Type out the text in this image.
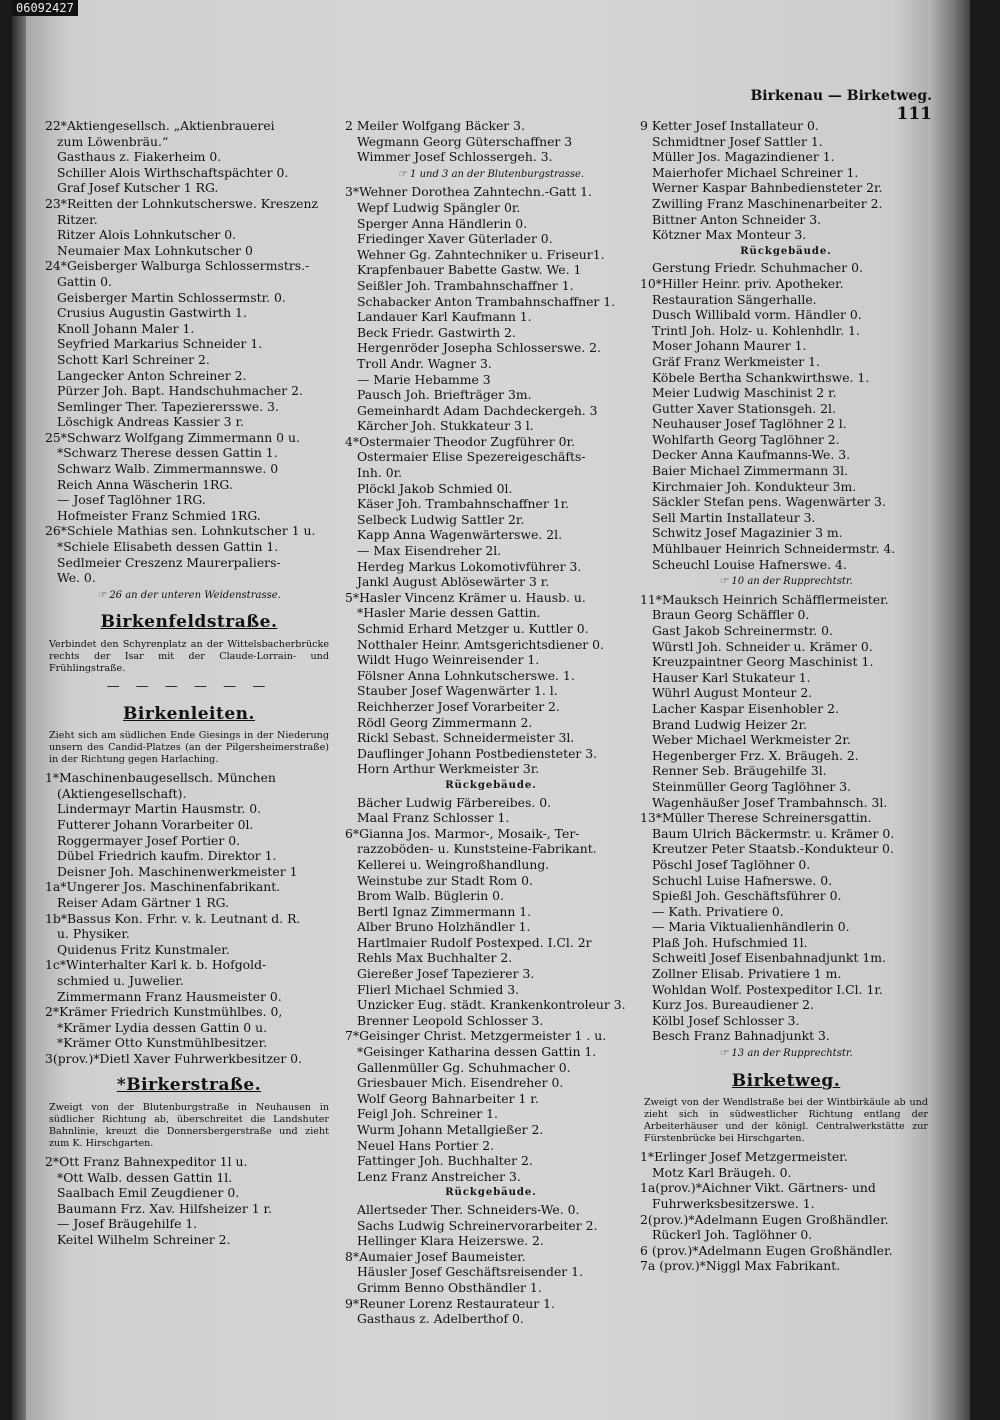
06092427
Birkenau — Birketweg. 111
22*Aktiengesellsch. „Aktienbrauerei
zum Löwenbräu.“
Gasthaus z. Fiakerheim 0.
Schiller Alois Wirthschaftspächter 0.
Graf Josef Kutscher 1 RG.
23*Reitten der Lohnkutscherswe. Kreszenz
Ritzer.
Ritzer Alois Lohnkutscher 0.
Neumaier Max Lohnkutscher 0
24*Geisberger Walburga Schlossermstrs.-
Gattin 0.
Geisberger Martin Schlossermstr. 0.
Crusius Augustin Gastwirth 1.
Knoll Johann Maler 1.
Seyfried Markarius Schneider 1.
Schott Karl Schreiner 2.
Langecker Anton Schreiner 2.
Pürzer Joh. Bapt. Handschuhmacher 2.
Semlinger Ther. Tapezierersswe. 3.
Löschigk Andreas Kassier 3 r.
25*Schwarz Wolfgang Zimmermann 0 u.
*Schwarz Therese dessen Gattin 1.
Schwarz Walb. Zimmermannswe. 0
Reich Anna Wäscherin 1RG.
— Josef Taglöhner 1RG.
Hofmeister Franz Schmied 1RG.
26*Schiele Mathias sen. Lohnkutscher 1 u.
*Schiele Elisabeth dessen Gattin 1.
Sedlmeier Creszenz Maurerpaliers-
We. 0.
☞ 26 an der unteren Weidenstrasse.
Birkenfeldstraße.
Verbindet den Schyrenplatz an der Wittelsbacherbrücke rechts der Isar mit der Claude-Lorrain- und Frühlingstraße.
— — — — — —
Birkenleiten.
Zieht sich am südlichen Ende Giesings in der Niederung unsern des Candid-Platzes (an der Pilgersheimerstraße) in der Richtung gegen Harlaching.
1*Maschinenbaugesellsch. München
(Aktiengesellschaft).
Lindermayr Martin Hausmstr. 0.
Futterer Johann Vorarbeiter 0l.
Roggermayer Josef Portier 0.
Dübel Friedrich kaufm. Direktor 1.
Deisner Joh. Maschinenwerkmeister 1
1a*Ungerer Jos. Maschinenfabrikant.
Reiser Adam Gärtner 1 RG.
1b*Bassus Kon. Frhr. v. k. Leutnant d. R.
u. Physiker.
Quidenus Fritz Kunstmaler.
1c*Winterhalter Karl k. b. Hofgold-
schmied u. Juwelier.
Zimmermann Franz Hausmeister 0.
2*Krämer Friedrich Kunstmühlbes. 0,
*Krämer Lydia dessen Gattin 0 u.
*Krämer Otto Kunstmühlbesitzer.
3(prov.)*Dietl Xaver Fuhrwerkbesitzer 0.
*Birkerstraße.
Zweigt von der Blutenburgstraße in Neuhausen in südlicher Richtung ab, überschreitet die Landshuter Bahnlinie, kreuzt die Donnersbergerstraße und zieht zum K. Hirschgarten.
2*Ott Franz Bahnexpeditor 1l u.
*Ott Walb. dessen Gattin 1l.
Saalbach Emil Zeugdiener 0.
Baumann Frz. Xav. Hilfsheizer 1 r.
— Josef Bräugehilfe 1.
Keitel Wilhelm Schreiner 2.
2 Meiler Wolfgang Bäcker 3.
Wegmann Georg Güterschaffner 3
Wimmer Josef Schlossergeh. 3.
☞ 1 und 3 an der Blutenburgstrasse.
3*Wehner Dorothea Zahntechn.-Gatt 1.
Wepf Ludwig Spängler 0r.
Sperger Anna Händlerin 0.
Friedinger Xaver Güterlader 0.
Wehner Gg. Zahntechniker u. Friseur1.
Krapfenbauer Babette Gastw. We. 1
Seißler Joh. Trambahnschaffner 1.
Schabacker Anton Trambahnschaffner 1.
Landauer Karl Kaufmann 1.
Beck Friedr. Gastwirth 2.
Hergenröder Josepha Schlosserswe. 2.
Troll Andr. Wagner 3.
— Marie Hebamme 3
Pausch Joh. Briefträger 3m.
Gemeinhardt Adam Dachdeckergeh. 3
Kärcher Joh. Stukkateur 3 l.
4*Ostermaier Theodor Zugführer 0r.
Ostermaier Elise Spezereigeschäfts-
Inh. 0r.
Plöckl Jakob Schmied 0l.
Käser Joh. Trambahnschaffner 1r.
Selbeck Ludwig Sattler 2r.
Kapp Anna Wagenwärterswe. 2l.
— Max Eisendreher 2l.
Herdeg Markus Lokomotivführer 3.
Jankl August Ablösewärter 3 r.
5*Hasler Vincenz Krämer u. Hausb. u.
*Hasler Marie dessen Gattin.
Schmid Erhard Metzger u. Kuttler 0.
Notthaler Heinr. Amtsgerichtsdiener 0.
Wildt Hugo Weinreisender 1.
Fölsner Anna Lohnkutscherswe. 1.
Stauber Josef Wagenwärter 1. l.
Reichherzer Josef Vorarbeiter 2.
Rödl Georg Zimmermann 2.
Rickl Sebast. Schneidermeister 3l.
Dauflinger Johann Postbediensteter 3.
Horn Arthur Werkmeister 3r.
Rückgebäude.
Bächer Ludwig Färbereibes. 0.
Maal Franz Schlosser 1.
6*Gianna Jos. Marmor-, Mosaik-, Ter-
razzoböden- u. Kunststeine-Fabrikant.
Kellerei u. Weingroßhandlung.
Weinstube zur Stadt Rom 0.
Brom Walb. Büglerin 0.
Bertl Ignaz Zimmermann 1.
Alber Bruno Holzhändler 1.
Hartlmaier Rudolf Postexped. I.Cl. 2r
Rehls Max Buchhalter 2.
Giereßer Josef Tapezierer 3.
Flierl Michael Schmied 3.
Unzicker Eug. städt. Krankenkontroleur 3.
Brenner Leopold Schlosser 3.
7*Geisinger Christ. Metzgermeister 1 . u.
*Geisinger Katharina dessen Gattin 1.
Gallenmüller Gg. Schuhmacher 0.
Griesbauer Mich. Eisendreher 0.
Wolf Georg Bahnarbeiter 1 r.
Feigl Joh. Schreiner 1.
Wurm Johann Metallgießer 2.
Neuel Hans Portier 2.
Fattinger Joh. Buchhalter 2.
Lenz Franz Anstreicher 3.
Rückgebäude.
Allertseder Ther. Schneiders-We. 0.
Sachs Ludwig Schreinervorarbeiter 2.
Hellinger Klara Heizerswe. 2.
8*Aumaier Josef Baumeister.
Häusler Josef Geschäftsreisender 1.
Grimm Benno Obsthändler 1.
9*Reuner Lorenz Restaurateur 1.
Gasthaus z. Adelberthof 0.
9 Ketter Josef Installateur 0.
Schmidtner Josef Sattler 1.
Müller Jos. Magazindiener 1.
Maierhofer Michael Schreiner 1.
Werner Kaspar Bahnbediensteter 2r.
Zwilling Franz Maschinenarbeiter 2.
Bittner Anton Schneider 3.
Kötzner Max Monteur 3.
Rückgebäude.
Gerstung Friedr. Schuhmacher 0.
10*Hiller Heinr. priv. Apotheker.
Restauration Sängerhalle.
Dusch Willibald vorm. Händler 0.
Trintl Joh. Holz- u. Kohlenhdlr. 1.
Moser Johann Maurer 1.
Gräf Franz Werkmeister 1.
Köbele Bertha Schankwirthswe. 1.
Meier Ludwig Maschinist 2 r.
Gutter Xaver Stationsgeh. 2l.
Neuhauser Josef Taglöhner 2 l.
Wohlfarth Georg Taglöhner 2.
Decker Anna Kaufmanns-We. 3.
Baier Michael Zimmermann 3l.
Kirchmaier Joh. Kondukteur 3m.
Säckler Stefan pens. Wagenwärter 3.
Sell Martin Installateur 3.
Schwitz Josef Magazinier 3 m.
Mühlbauer Heinrich Schneidermstr. 4.
Scheuchl Louise Hafnerswe. 4.
☞ 10 an der Rupprechtstr.
11*Mauksch Heinrich Schäfflermeister.
Braun Georg Schäffler 0.
Gast Jakob Schreinermstr. 0.
Würstl Joh. Schneider u. Krämer 0.
Kreuzpaintner Georg Maschinist 1.
Hauser Karl Stukateur 1.
Wührl August Monteur 2.
Lacher Kaspar Eisenhobler 2.
Brand Ludwig Heizer 2r.
Weber Michael Werkmeister 2r.
Hegenberger Frz. X. Bräugeh. 2.
Renner Seb. Bräugehilfe 3l.
Steinmüller Georg Taglöhner 3.
Wagenhäußer Josef Trambahnsch. 3l.
13*Müller Therese Schreinersgattin.
Baum Ulrich Bäckermstr. u. Krämer 0.
Kreutzer Peter Staatsb.-Kondukteur 0.
Pöschl Josef Taglöhner 0.
Schuchl Luise Hafnerswe. 0.
Spießl Joh. Geschäftsführer 0.
— Kath. Privatiere 0.
— Maria Viktualienhändlerin 0.
Plaß Joh. Hufschmied 1l.
Schweitl Josef Eisenbahnadjunkt 1m.
Zollner Elisab. Privatiere 1 m.
Wohldan Wolf. Postexpeditor I.Cl. 1r.
Kurz Jos. Bureaudiener 2.
Kölbl Josef Schlosser 3.
Besch Franz Bahnadjunkt 3.
☞ 13 an der Rupprechtstr.
Birketweg.
Zweigt von der Wendlstraße bei der Wintbirkäule ab und zieht sich in südwestlicher Richtung entlang der Arbeiterhäuser und der königl. Centralwerkstätte zur Fürstenbrücke bei Hirschgarten.
1*Erlinger Josef Metzgermeister.
Motz Karl Bräugeh. 0.
1a(prov.)*Aichner Vikt. Gärtners- und
Fuhrwerksbesitzerswe. 1.
2(prov.)*Adelmann Eugen Großhändler.
Rückerl Joh. Taglöhner 0.
6 (prov.)*Adelmann Eugen Großhändler.
7a (prov.)*Niggl Max Fabrikant.
